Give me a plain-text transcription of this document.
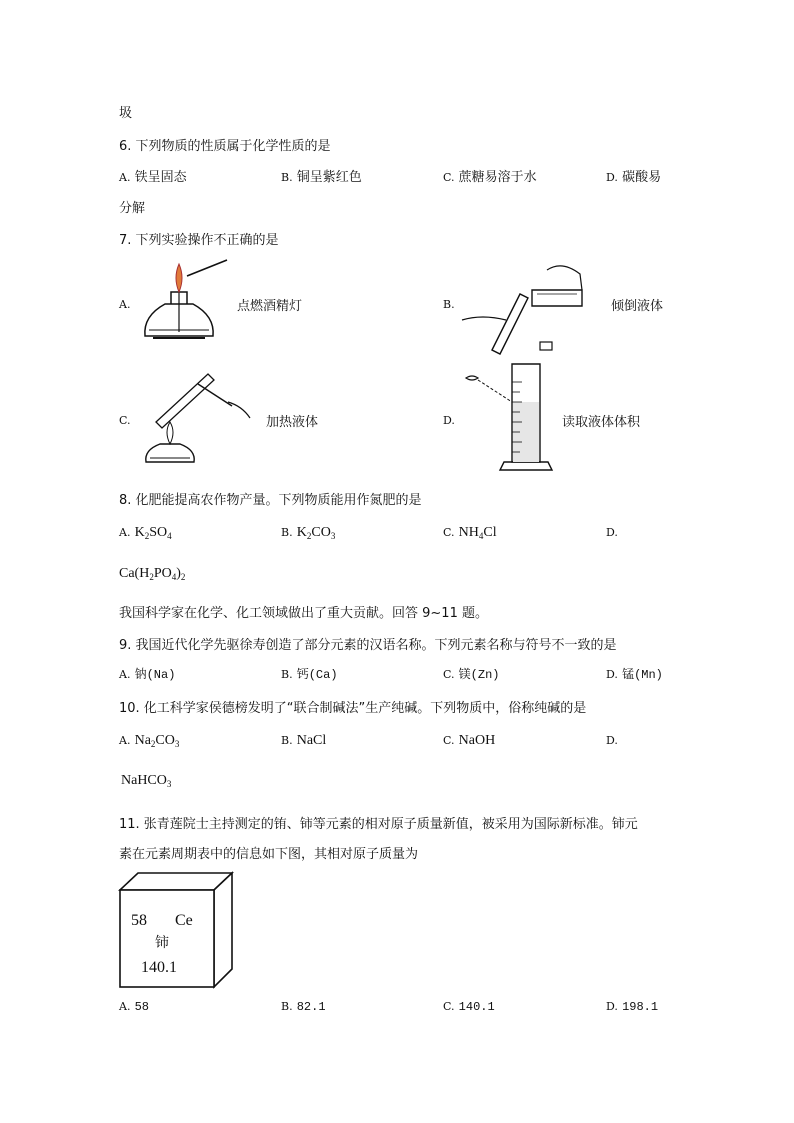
圾
6. 下列物质的性质属于化学性质的是
A. 铁呈固态	B. 铜呈紫红色	C. 蔗糖易溶于水	D. 碳酸易
分解
7. 下列实验操作不正确的是
A.	点燃酒精灯	B.	倾倒液体
C.	加热液体	D.	读取液体体积
8. 化肥能提高农作物产量。下列物质能用作氮肥的是
A. $K_2SO_4$	B. $K_2CO_3$	C. $NH_4Cl$	D.
$Ca(H_2PO_4)_2$
我国科学家在化学、化工领域做出了重大贡献。回答 9~11 题。
9. 我国近代化学先驱徐寿创造了部分元素的汉语名称。下列元素名称与符号不一致的是
A. 钠(Na)	B. 钙(Ca)	C. 镁(Zn)	D. 锰(Mn)
10. 化工科学家侯德榜发明了“联合制碱法”生产纯碱。下列物质中，俗称纯碱的是
A. $Na_2CO_3$	B. NaCl	C. NaOH	D.
NaHCO$_3$
11. 张青莲院士主持测定的铕、铈等元素的相对原子质量新值，被采用为国际新标准。铈元
素在元素周期表中的信息如下图，其相对原子质量为
58 Ce
铈
140.1
A. 58	B. 82.1	C. 140.1	D. 198.1
